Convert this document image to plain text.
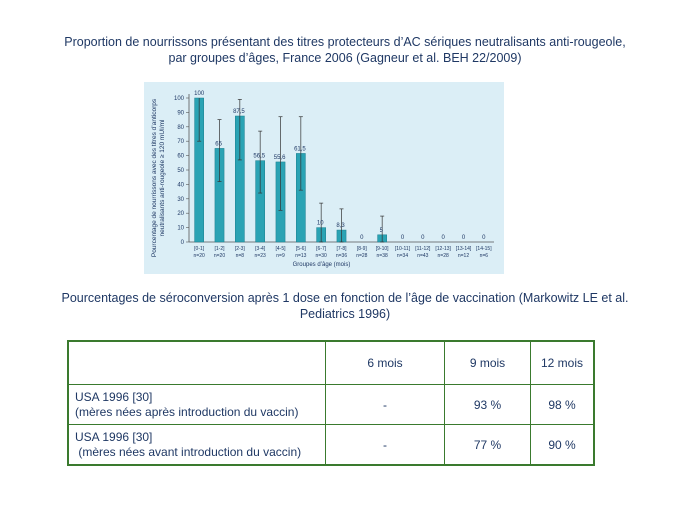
Proportion de nourrissons présentant des titres protecteurs d’AC sériques neutralisants anti-rougeole, par groupes d’âges, France 2006 (Gagneur et al. BEH 22/2009)
0
10
20
30
40
50
60
70
80
90
100
100
[0-1]
n=20
65
[1-2]
n=20
87,5
[2-3]
n=8
56,5
[3-4]
n=23
55,6
[4-5]
n=9
61,5
[5-6]
n=13
10
[6-7]
n=30
8,3
[7-8]
n=36
0
[8-9]
n=28
5
[9-10]
n=38
0
[10-11]
n=34
0
[11-12]
n=43
0
[12-13]
n=28
0
[13-14]
n=12
0
[14-15]
n=6
Groupes d’âge (mois)
Pourcentage de nourrissons avec des titres d’anticorps neutralisants anti-rougeole ≥ 120 mUI/ml
Pourcentages de séroconversion après 1 dose en fonction de l’âge de vaccination (Markowitz LE et al. Pediatrics 1996)
	6 mois	9 mois	12 mois

USA 1996 [30]
(mères nées après introduction du vaccin)	-	93 %	98 %

USA 1996 [30]
(mères nées avant introduction du vaccin)	-	77 %	90 %
